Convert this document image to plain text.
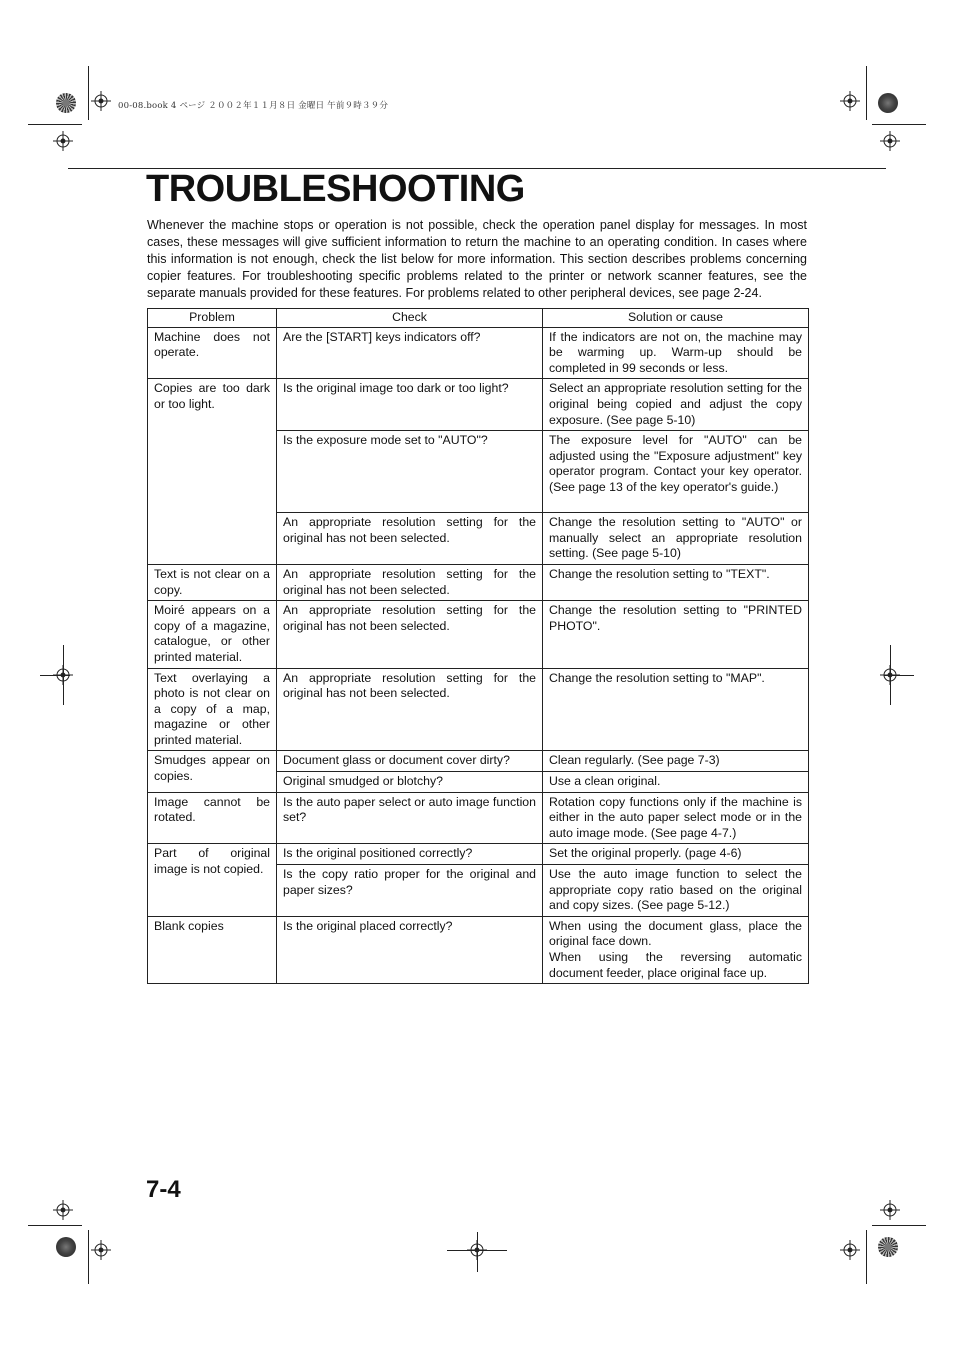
00-08.book 4 ページ ２００２年１１月８日 金曜日 午前９時３９分
TROUBLESHOOTING

Whenever the machine stops or operation is not possible, check the operation panel display for messages. In most cases, these messages will give sufficient information to return the machine to an operating condition. In cases where this information is not enough, check the list below for more information. This section describes problems concerning copier features. For troubleshooting specific problems related to the printer or network scanner features, see the separate manuals provided for these features. For problems related to other peripheral devices, see page 2-24.

Problem	Check	Solution or cause
Machine does not operate.	Are the [START] keys indicators off?	If the indicators are not on, the machine may be warming up. Warm-up should be completed in 99 seconds or less.
Copies are too dark or too light.	Is the original image too dark or too light?	Select an appropriate resolution setting for the original being copied and adjust the copy exposure. (See page 5-10)
	Is the exposure mode set to "AUTO"?	The exposure level for "AUTO" can be adjusted using the "Exposure adjustment" key operator program. Contact your key operator. (See page 13 of the key operator's guide.)
	An appropriate resolution setting for the original has not been selected.	Change the resolution setting to "AUTO" or manually select an appropriate resolution setting. (See page 5-10)
Text is not clear on a copy.	An appropriate resolution setting for the original has not been selected.	Change the resolution setting to "TEXT".
Moiré appears on a copy of a magazine, catalogue, or other printed material.	An appropriate resolution setting for the original has not been selected.	Change the resolution setting to "PRINTED PHOTO".
Text overlaying a photo is not clear on a copy of a map, magazine or other printed material.	An appropriate resolution setting for the original has not been selected.	Change the resolution setting to "MAP".
Smudges appear on copies.	Document glass or document cover dirty?	Clean regularly. (See page 7-3)
	Original smudged or blotchy?	Use a clean original.
Image cannot be rotated.	Is the auto paper select or auto image function set?	Rotation copy functions only if the machine is either in the auto paper select mode or in the auto image mode. (See page 4-7.)
Part of original image is not copied.	Is the original positioned correctly?	Set the original properly. (page 4-6)
	Is the copy ratio proper for the original and paper sizes?	Use the auto image function to select the appropriate copy ratio based on the original and copy sizes. (See page 5-12.)
Blank copies	Is the original placed correctly?	When using the document glass, place the original face down.
When using the reversing automatic document feeder, place original face up.
7-4
